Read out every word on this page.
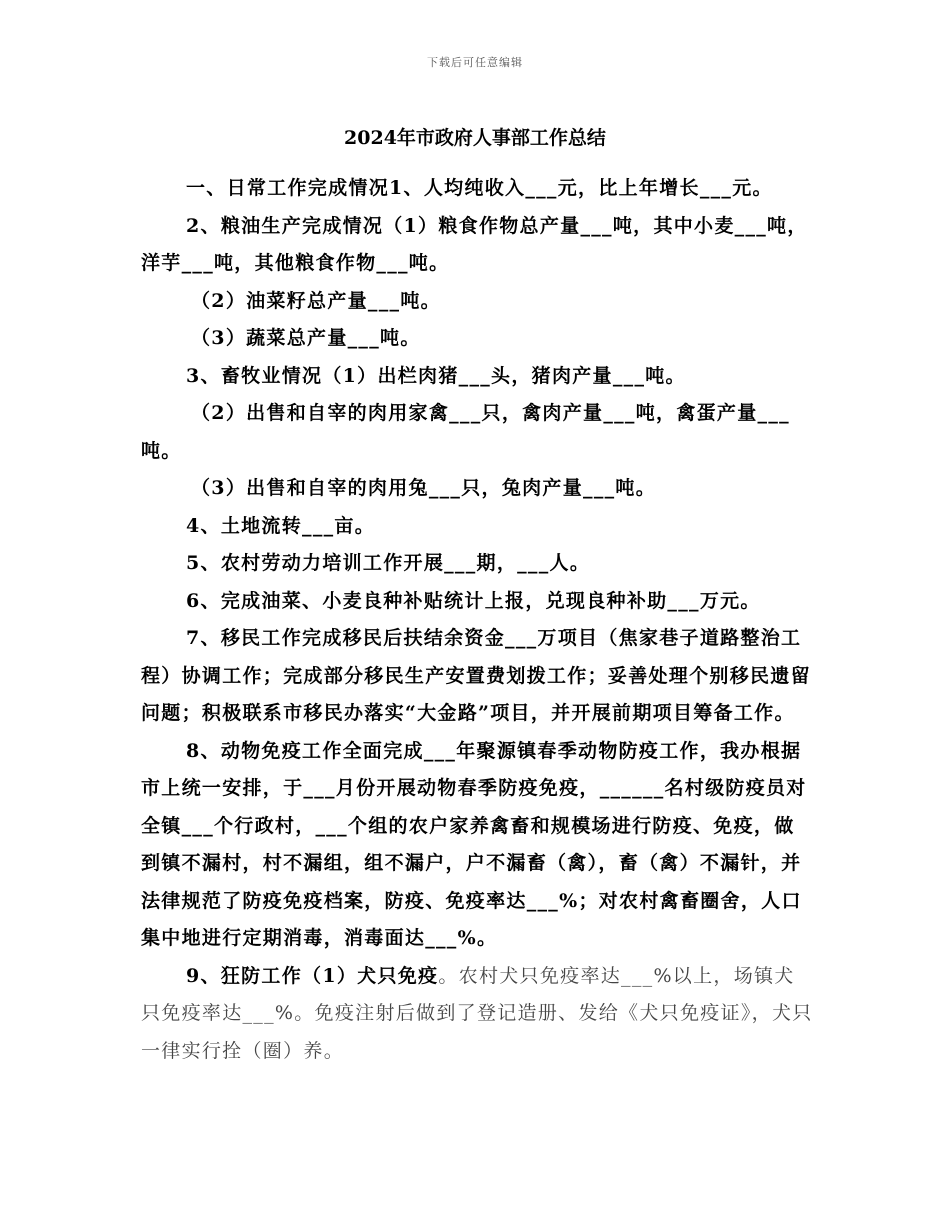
下载后可任意编辑
2024年市政府人事部工作总结

一、日常工作完成情况1、人均纯收入___元，比上年增长___元。

2、粮油生产完成情况（1）粮食作物总产量___吨，其中小麦___吨，洋芋___吨，其他粮食作物___吨。

（2）油菜籽总产量___吨。

（3）蔬菜总产量___吨。

3、畜牧业情况（1）出栏肉猪___头，猪肉产量___吨。

（2）出售和自宰的肉用家禽___只，禽肉产量___吨，禽蛋产量___吨。

（3）出售和自宰的肉用兔___只，兔肉产量___吨。

4、土地流转___亩。

5、农村劳动力培训工作开展___期，___人。

6、完成油菜、小麦良种补贴统计上报，兑现良种补助___万元。

7、移民工作完成移民后扶结余资金___万项目（焦家巷子道路整治工程）协调工作；完成部分移民生产安置费划拨工作；妥善处理个别移民遗留问题；积极联系市移民办落实“大金路”项目，并开展前期项目筹备工作。

8、动物免疫工作全面完成___年聚源镇春季动物防疫工作，我办根据市上统一安排，于___月份开展动物春季防疫免疫，______名村级防疫员对全镇___个行政村，___个组的农户家养禽畜和规模场进行防疫、免疫，做到镇不漏村，村不漏组，组不漏户，户不漏畜（禽），畜（禽）不漏针，并法律规范了防疫免疫档案，防疫、免疫率达___%；对农村禽畜圈舍，人口集中地进行定期消毒，消毒面达___%。

9、狂防工作（1）犬只免疫。农村犬只免疫率达___%以上，场镇犬只免疫率达___%。免疫注射后做到了登记造册、发给《犬只免疫证》，犬只一律实行拴（圈）养。
